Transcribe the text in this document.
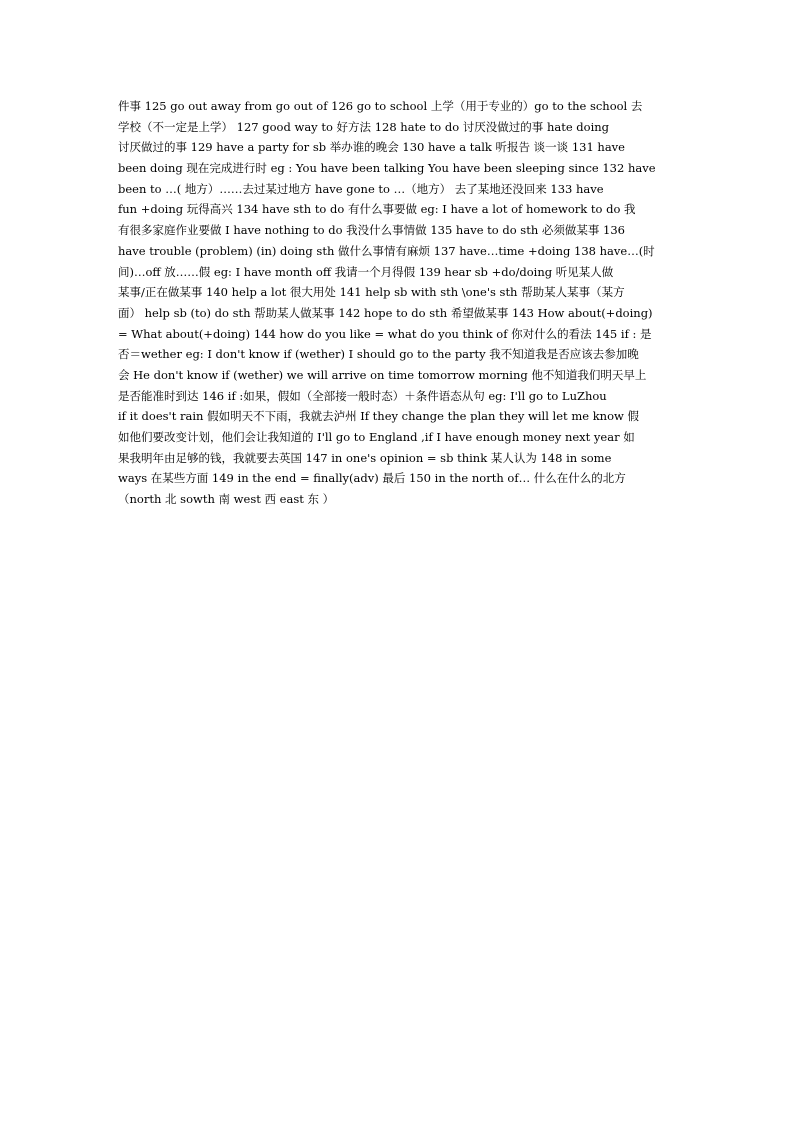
件事 125 go out away from go out of 126 go to school 上学（用于专业的）go to the school 去
学校（不一定是上学） 127 good way to 好方法 128 hate to do 讨厌没做过的事 hate doing
讨厌做过的事 129 have a party for sb 举办谁的晚会 130 have a talk 听报告 谈一谈 131 have
been doing 现在完成进行时 eg : You have been talking You have been sleeping since 132 have
been to …( 地方）……去过某过地方 have gone to …（地方） 去了某地还没回来 133 have
fun +doing 玩得高兴 134 have sth to do 有什么事要做 eg: I have a lot of homework to do 我
有很多家庭作业要做 I have nothing to do 我没什么事情做 135 have to do sth 必须做某事 136
have trouble (problem) (in) doing sth 做什么事情有麻烦 137 have…time +doing 138 have…(时
间)…off 放……假 eg: I have month off 我请一个月得假 139 hear sb +do/doing 听见某人做
某事/正在做某事 140 help a lot 很大用处 141 help sb with sth \one's sth 帮助某人某事（某方
面） help sb (to) do sth 帮助某人做某事 142 hope to do sth 希望做某事 143 How about(+doing)
= What about(+doing) 144 how do you like = what do you think of 你对什么的看法 145 if : 是
否＝wether eg: I don't know if (wether) I should go to the party 我不知道我是否应该去参加晚
会 He don't know if (wether) we will arrive on time tomorrow morning 他不知道我们明天早上
是否能准时到达 146 if :如果，假如（全部接一般时态）＋条件语态从句 eg: I'll go to LuZhou
if it does't rain 假如明天不下雨，我就去泸州 If they change the plan they will let me know 假
如他们要改变计划，他们会让我知道的 I'll go to England ,if I have enough money next year 如
果我明年由足够的钱，我就要去英国 147 in one's opinion = sb think 某人认为 148 in some
ways 在某些方面 149 in the end = finally(adv) 最后 150 in the north of… 什么在什么的北方
（north 北 sowth 南 west 西 east 东 ）
